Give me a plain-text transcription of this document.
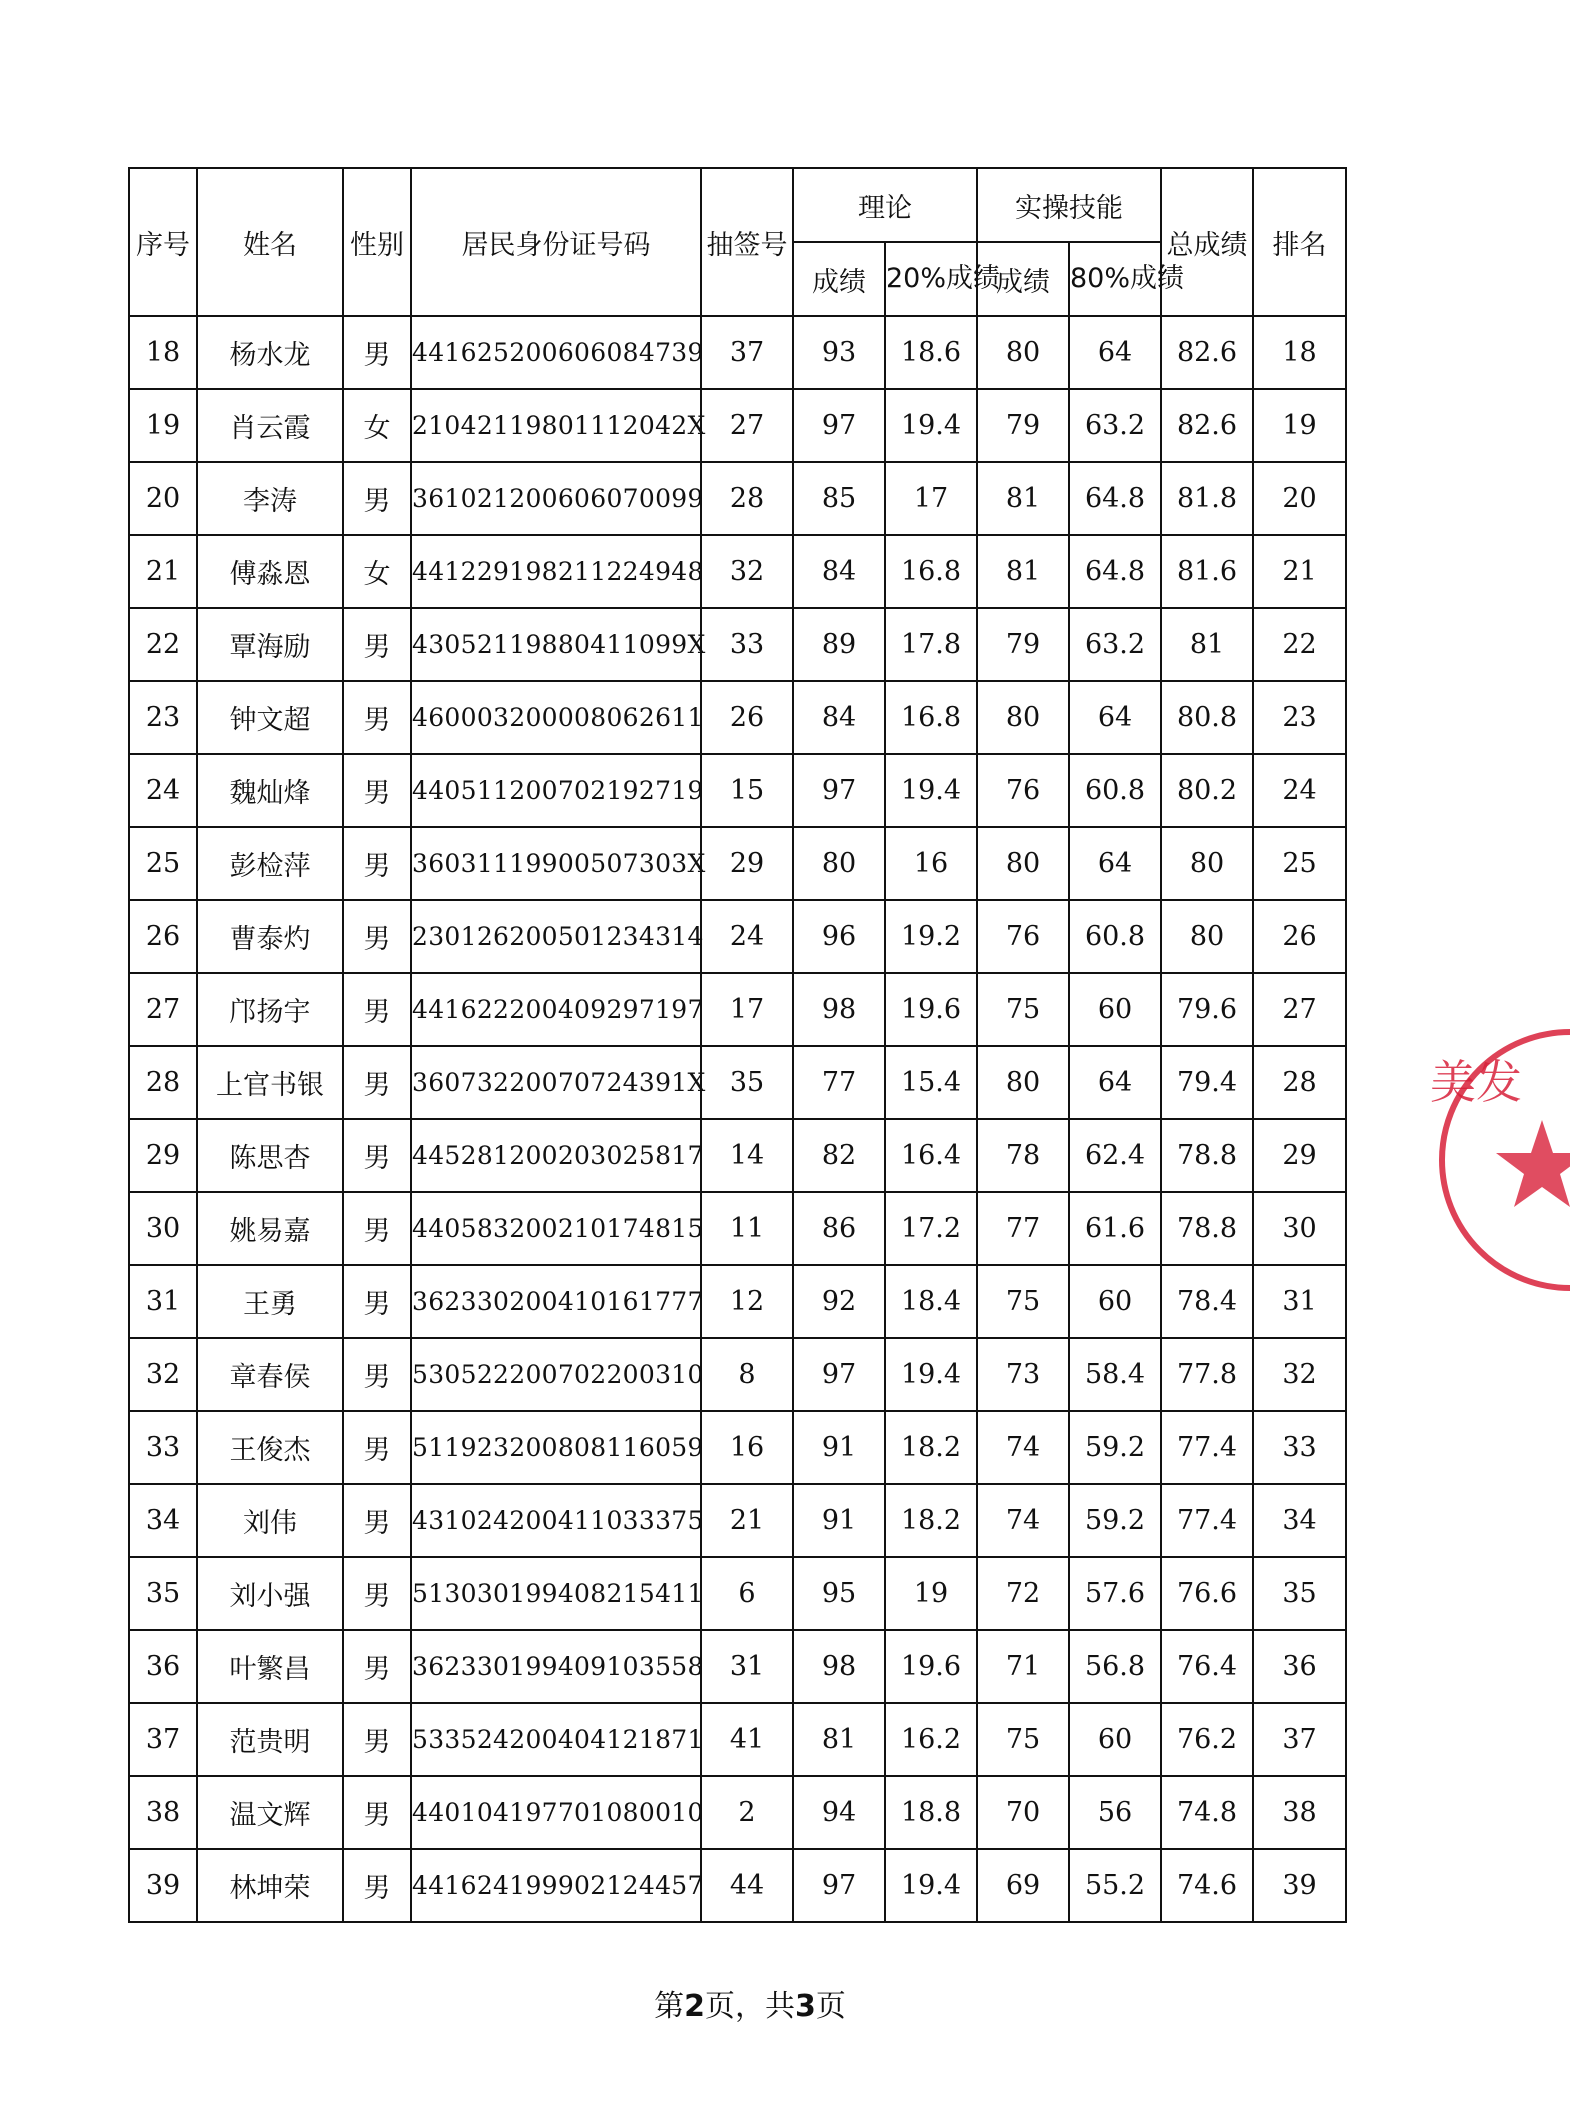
序号	姓名	性别	居民身份证号码	抽签号	理论		实操技能		总成绩	排名
					成绩	20%成绩	成绩	80%成绩		
18	杨水龙	男	441625200606084739	37	93	18.6	80	64	82.6	18
19	肖云霞	女	21042119801112042X	27	97	19.4	79	63.2	82.6	19
20	李涛	男	361021200606070099	28	85	17	81	64.8	81.8	20
21	傅淼恩	女	441229198211224948	32	84	16.8	81	64.8	81.6	21
22	覃海励	男	43052119880411099X	33	89	17.8	79	63.2	81	22
23	钟文超	男	460003200008062611	26	84	16.8	80	64	80.8	23
24	魏灿烽	男	440511200702192719	15	97	19.4	76	60.8	80.2	24
25	彭检萍	男	36031119900507303X	29	80	16	80	64	80	25
26	曹泰灼	男	230126200501234314	24	96	19.2	76	60.8	80	26
27	邝扬宇	男	441622200409297197	17	98	19.6	75	60	79.6	27
28	上官书银	男	36073220070724391X	35	77	15.4	80	64	79.4	28
29	陈思杏	男	445281200203025817	14	82	16.4	78	62.4	78.8	29
30	姚易嘉	男	440583200210174815	11	86	17.2	77	61.6	78.8	30
31	王勇	男	362330200410161777	12	92	18.4	75	60	78.4	31
32	章春侯	男	530522200702200310	8	97	19.4	73	58.4	77.8	32
33	王俊杰	男	511923200808116059	16	91	18.2	74	59.2	77.4	33
34	刘伟	男	431024200411033375	21	91	18.2	74	59.2	77.4	34
35	刘小强	男	513030199408215411	6	95	19	72	57.6	76.6	35
36	叶繁昌	男	362330199409103558	31	98	19.6	71	56.8	76.4	36
37	范贵明	男	533524200404121871	41	81	16.2	75	60	76.2	37
38	温文辉	男	440104197701080010	2	94	18.8	70	56	74.8	38
39	林坤荣	男	441624199902124457	44	97	19.4	69	55.2	74.6	39
第2页，共3页
美发
